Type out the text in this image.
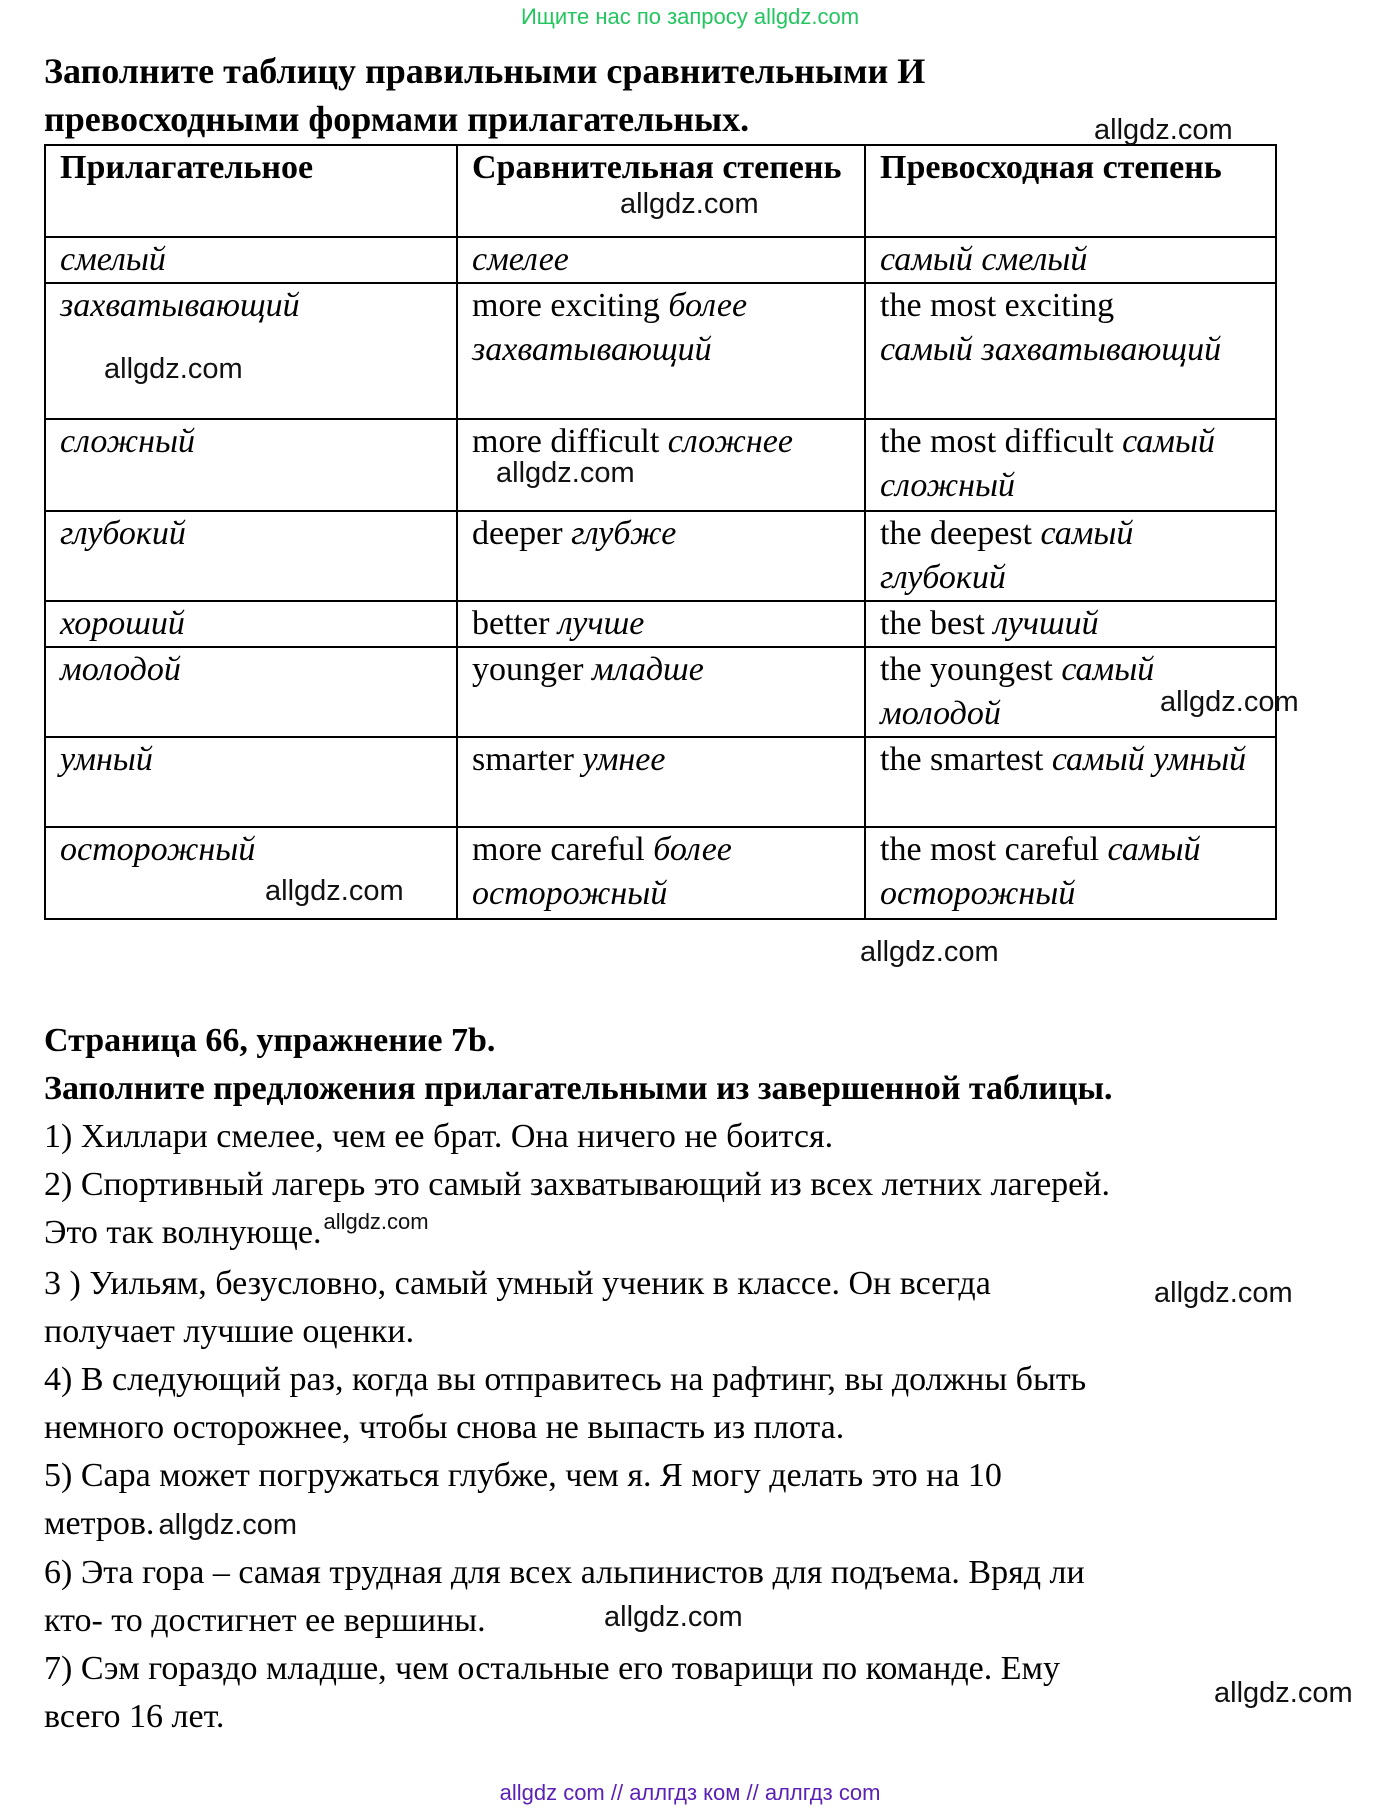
Ищите нас по запросу allgdz.com
Заполните таблицу правильными сравнительными И
превосходными формами прилагательных.
Прилагательное	Сравнительная степень	Превосходная степень
смелый	смелее	самый смелый
захватывающий	more exciting более захватывающий	the most exciting
самый захватывающий
сложный	more difficult сложнее	the most difficult самый сложный
глубокий	deeper глубже	the deepest самый глубокий
хороший	better лучше	the best лучший
молодой	younger младше	the youngest самый молодой
умный	smarter умнее	the smartest самый умный
осторожный	more careful более осторожный	the most careful самый осторожный
allgdz.com
allgdz.com
allgdz.com
allgdz.com
allgdz.com
allgdz.com
allgdz.com
Страница 66, упражнение 7b.
Заполните предложения прилагательными из завершенной таблицы.
1) Хиллари смелее, чем ее брат. Она ничего не боится.
2) Спортивный лагерь это самый захватывающий из всех летних лагерей.
Это так волнующе.$^{allgdz.com}$
3 ) Уильям, безусловно, самый умный ученик в классе. Он всегда
получает лучшие оценки.
4) В следующий раз, когда вы отправитесь на рафтинг, вы должны быть
немного осторожнее, чтобы снова не выпасть из плота.
5) Сара может погружаться глубже, чем я. Я могу делать это на 10
метров. allgdz.com
6) Эта гора – самая трудная для всех альпинистов для подъема. Вряд ли
кто- то достигнет ее вершины.
7) Сэм гораздо младше, чем остальные его товарищи по команде. Ему
всего 16 лет.
allgdz.com
allgdz.com
allgdz.com
allgdz com // аллгдз ком // аллгдз com
